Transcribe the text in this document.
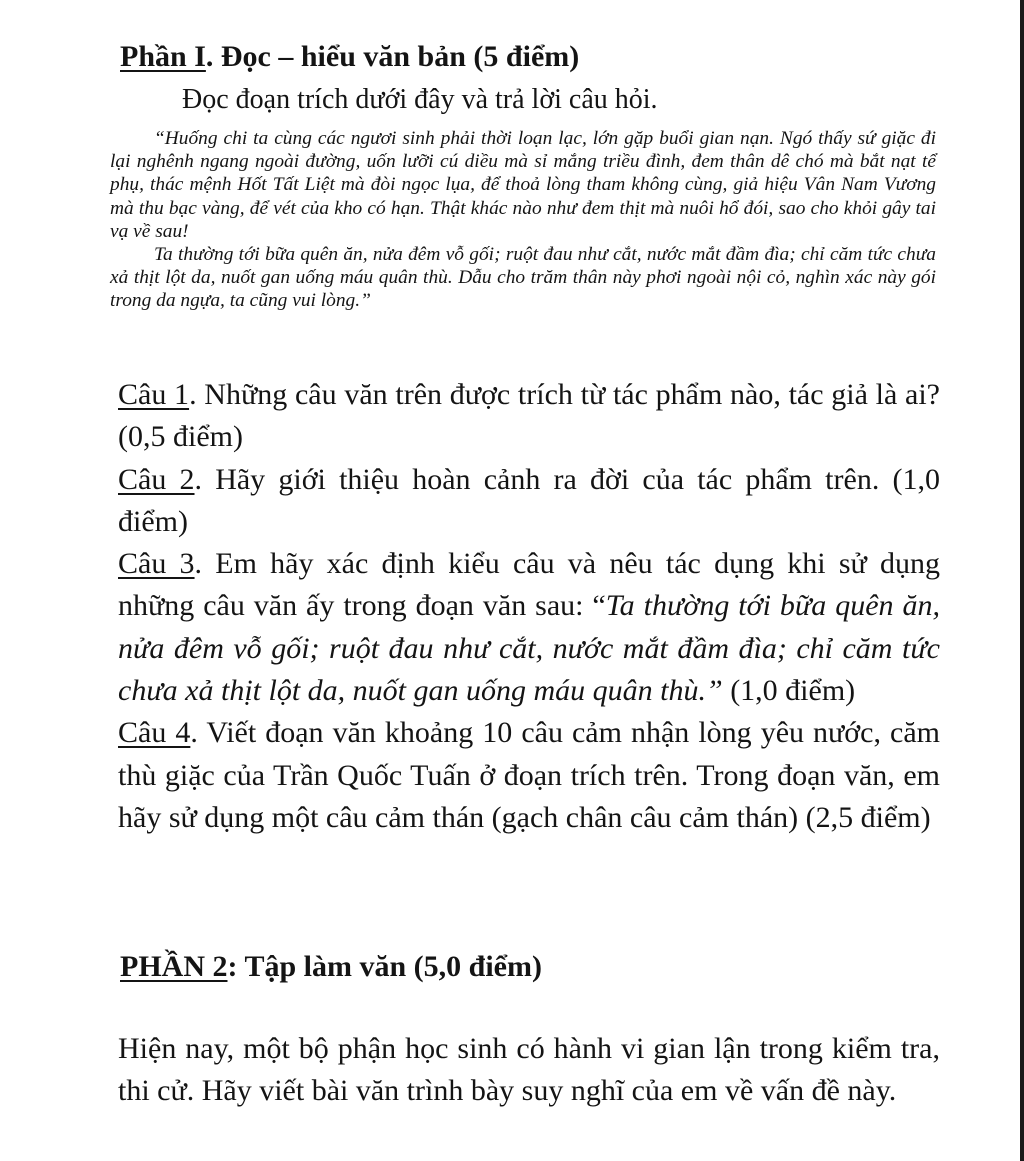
Phần I. Đọc – hiểu văn bản (5 điểm)

Đọc đoạn trích dưới đây và trả lời câu hỏi.

“Huống chi ta cùng các ngươi sinh phải thời loạn lạc, lớn gặp buổi gian nạn. Ngó thấy sứ giặc đi lại nghênh ngang ngoài đường, uốn lưỡi cú diều mà sỉ mắng triều đình, đem thân dê chó mà bắt nạt tể phụ, thác mệnh Hốt Tất Liệt mà đòi ngọc lụa, để thoả lòng tham không cùng, giả hiệu Vân Nam Vương mà thu bạc vàng, để vét của kho có hạn. Thật khác nào như đem thịt mà nuôi hổ đói, sao cho khỏi gây tai vạ về sau!

Ta thường tới bữa quên ăn, nửa đêm vỗ gối; ruột đau như cắt, nước mắt đầm đìa; chỉ căm tức chưa xả thịt lột da, nuốt gan uống máu quân thù. Dẫu cho trăm thân này phơi ngoài nội cỏ, nghìn xác này gói trong da ngựa, ta cũng vui lòng.”

Câu 1. Những câu văn trên được trích từ tác phẩm nào, tác giả là ai? (0,5 điểm)

Câu 2. Hãy giới thiệu hoàn cảnh ra đời của tác phẩm trên. (1,0 điểm)

Câu 3. Em hãy xác định kiểu câu và nêu tác dụng khi sử dụng những câu văn ấy trong đoạn văn sau: “Ta thường tới bữa quên ăn, nửa đêm vỗ gối; ruột đau như cắt, nước mắt đầm đìa; chỉ căm tức chưa xả thịt lột da, nuốt gan uống máu quân thù.” (1,0 điểm)

Câu 4. Viết đoạn văn khoảng 10 câu cảm nhận lòng yêu nước, căm thù giặc của Trần Quốc Tuấn ở đoạn trích trên. Trong đoạn văn, em hãy sử dụng một câu cảm thán (gạch chân câu cảm thán) (2,5 điểm)

PHẦN 2: Tập làm văn (5,0 điểm)

Hiện nay, một bộ phận học sinh có hành vi gian lận trong kiểm tra, thi cử. Hãy viết bài văn trình bày suy nghĩ của em về vấn đề này.
